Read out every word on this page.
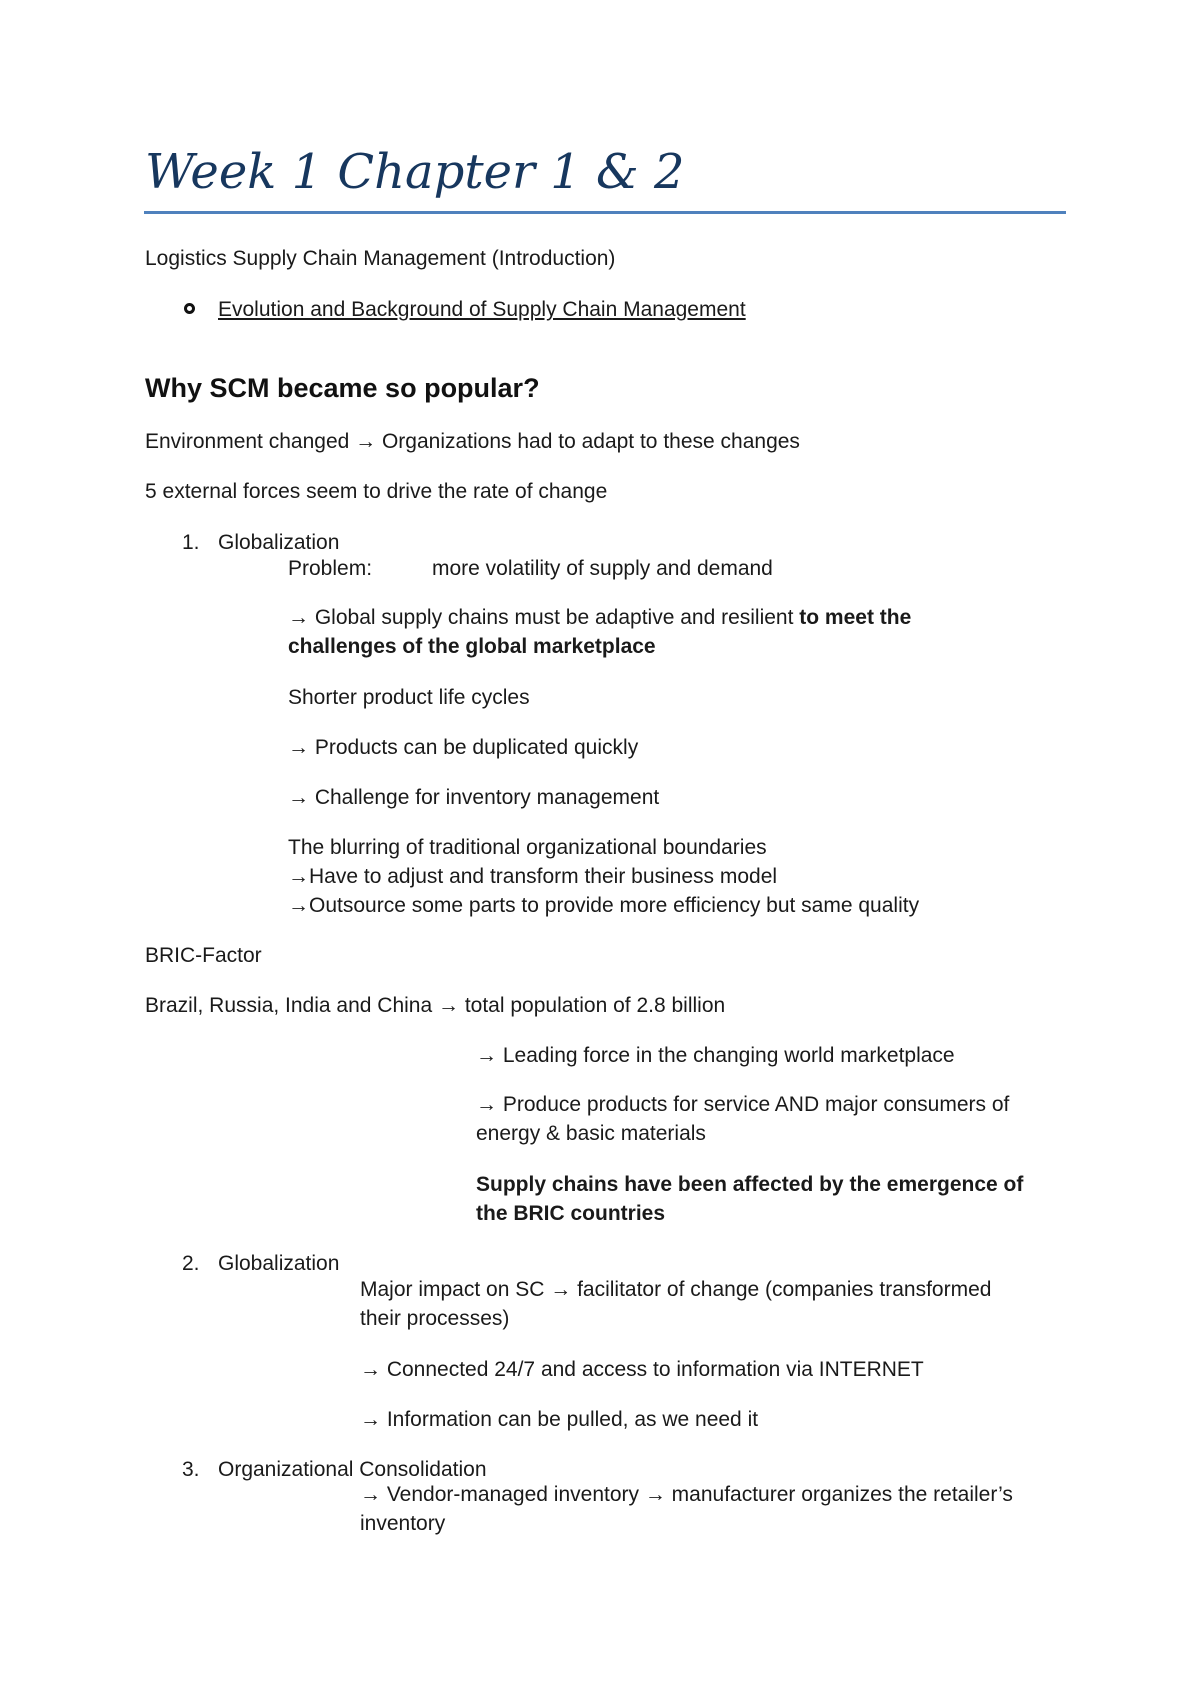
Week 1 Chapter 1 & 2
Logistics Supply Chain Management (Introduction)
Evolution and Background of Supply Chain Management
Why SCM became so popular?
Environment changed → Organizations had to adapt to these changes
5 external forces seem to drive the rate of change
1. Globalization
Problem:	more volatility of supply and demand
→ Global supply chains must be adaptive and resilient to meet the
challenges of the global marketplace
Shorter product life cycles
→ Products can be duplicated quickly
→ Challenge for inventory management
The blurring of traditional organizational boundaries
→Have to adjust and transform their business model
→Outsource some parts to provide more efficiency but same quality
BRIC-Factor
Brazil, Russia, India and China → total population of 2.8 billion
→ Leading force in the changing world marketplace
→ Produce products for service AND major consumers of
energy & basic materials
Supply chains have been affected by the emergence of
the BRIC countries
2. Globalization
Major impact on SC → facilitator of change (companies transformed
their processes)
→ Connected 24/7 and access to information via INTERNET
→ Information can be pulled, as we need it
3. Organizational Consolidation
→ Vendor-managed inventory → manufacturer organizes the retailer’s
inventory
